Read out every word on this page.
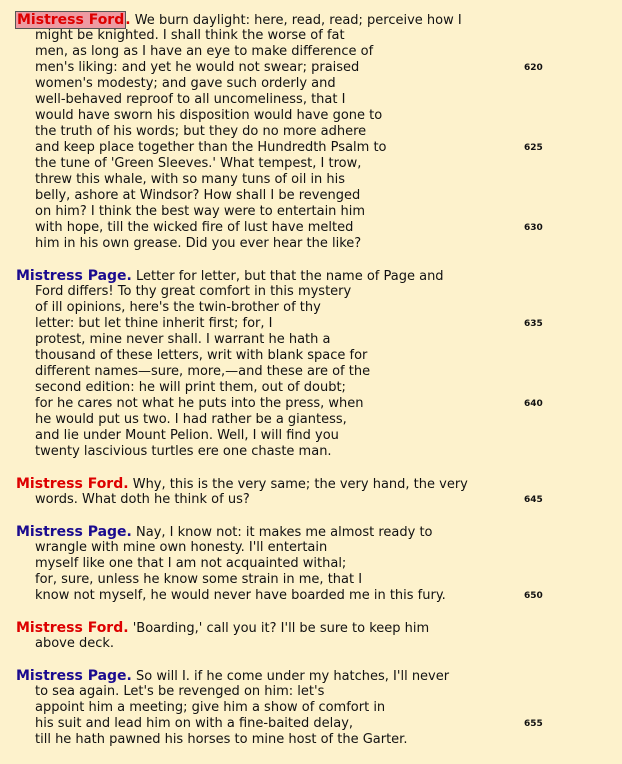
Mistress Ford. We burn daylight: here, read, read; perceive how I
might be knighted. I shall think the worse of fat
men, as long as I have an eye to make difference of
men's liking: and yet he would not swear; praised	620
women's modesty; and gave such orderly and
well-behaved reproof to all uncomeliness, that I
would have sworn his disposition would have gone to
the truth of his words; but they do no more adhere
and keep place together than the Hundredth Psalm to	625
the tune of 'Green Sleeves.' What tempest, I trow,
threw this whale, with so many tuns of oil in his
belly, ashore at Windsor? How shall I be revenged
on him? I think the best way were to entertain him
with hope, till the wicked fire of lust have melted	630
him in his own grease. Did you ever hear the like?
Mistress Page. Letter for letter, but that the name of Page and
Ford differs! To thy great comfort in this mystery
of ill opinions, here's the twin-brother of thy
letter: but let thine inherit first; for, I	635
protest, mine never shall. I warrant he hath a
thousand of these letters, writ with blank space for
different names—sure, more,—and these are of the
second edition: he will print them, out of doubt;
for he cares not what he puts into the press, when	640
he would put us two. I had rather be a giantess,
and lie under Mount Pelion. Well, I will find you
twenty lascivious turtles ere one chaste man.
Mistress Ford. Why, this is the very same; the very hand, the very
words. What doth he think of us?	645
Mistress Page. Nay, I know not: it makes me almost ready to
wrangle with mine own honesty. I'll entertain
myself like one that I am not acquainted withal;
for, sure, unless he know some strain in me, that I
know not myself, he would never have boarded me in this fury.	650
Mistress Ford. 'Boarding,' call you it? I'll be sure to keep him
above deck.
Mistress Page. So will I. if he come under my hatches, I'll never
to sea again. Let's be revenged on him: let's
appoint him a meeting; give him a show of comfort in
his suit and lead him on with a fine-baited delay,	655
till he hath pawned his horses to mine host of the Garter.
